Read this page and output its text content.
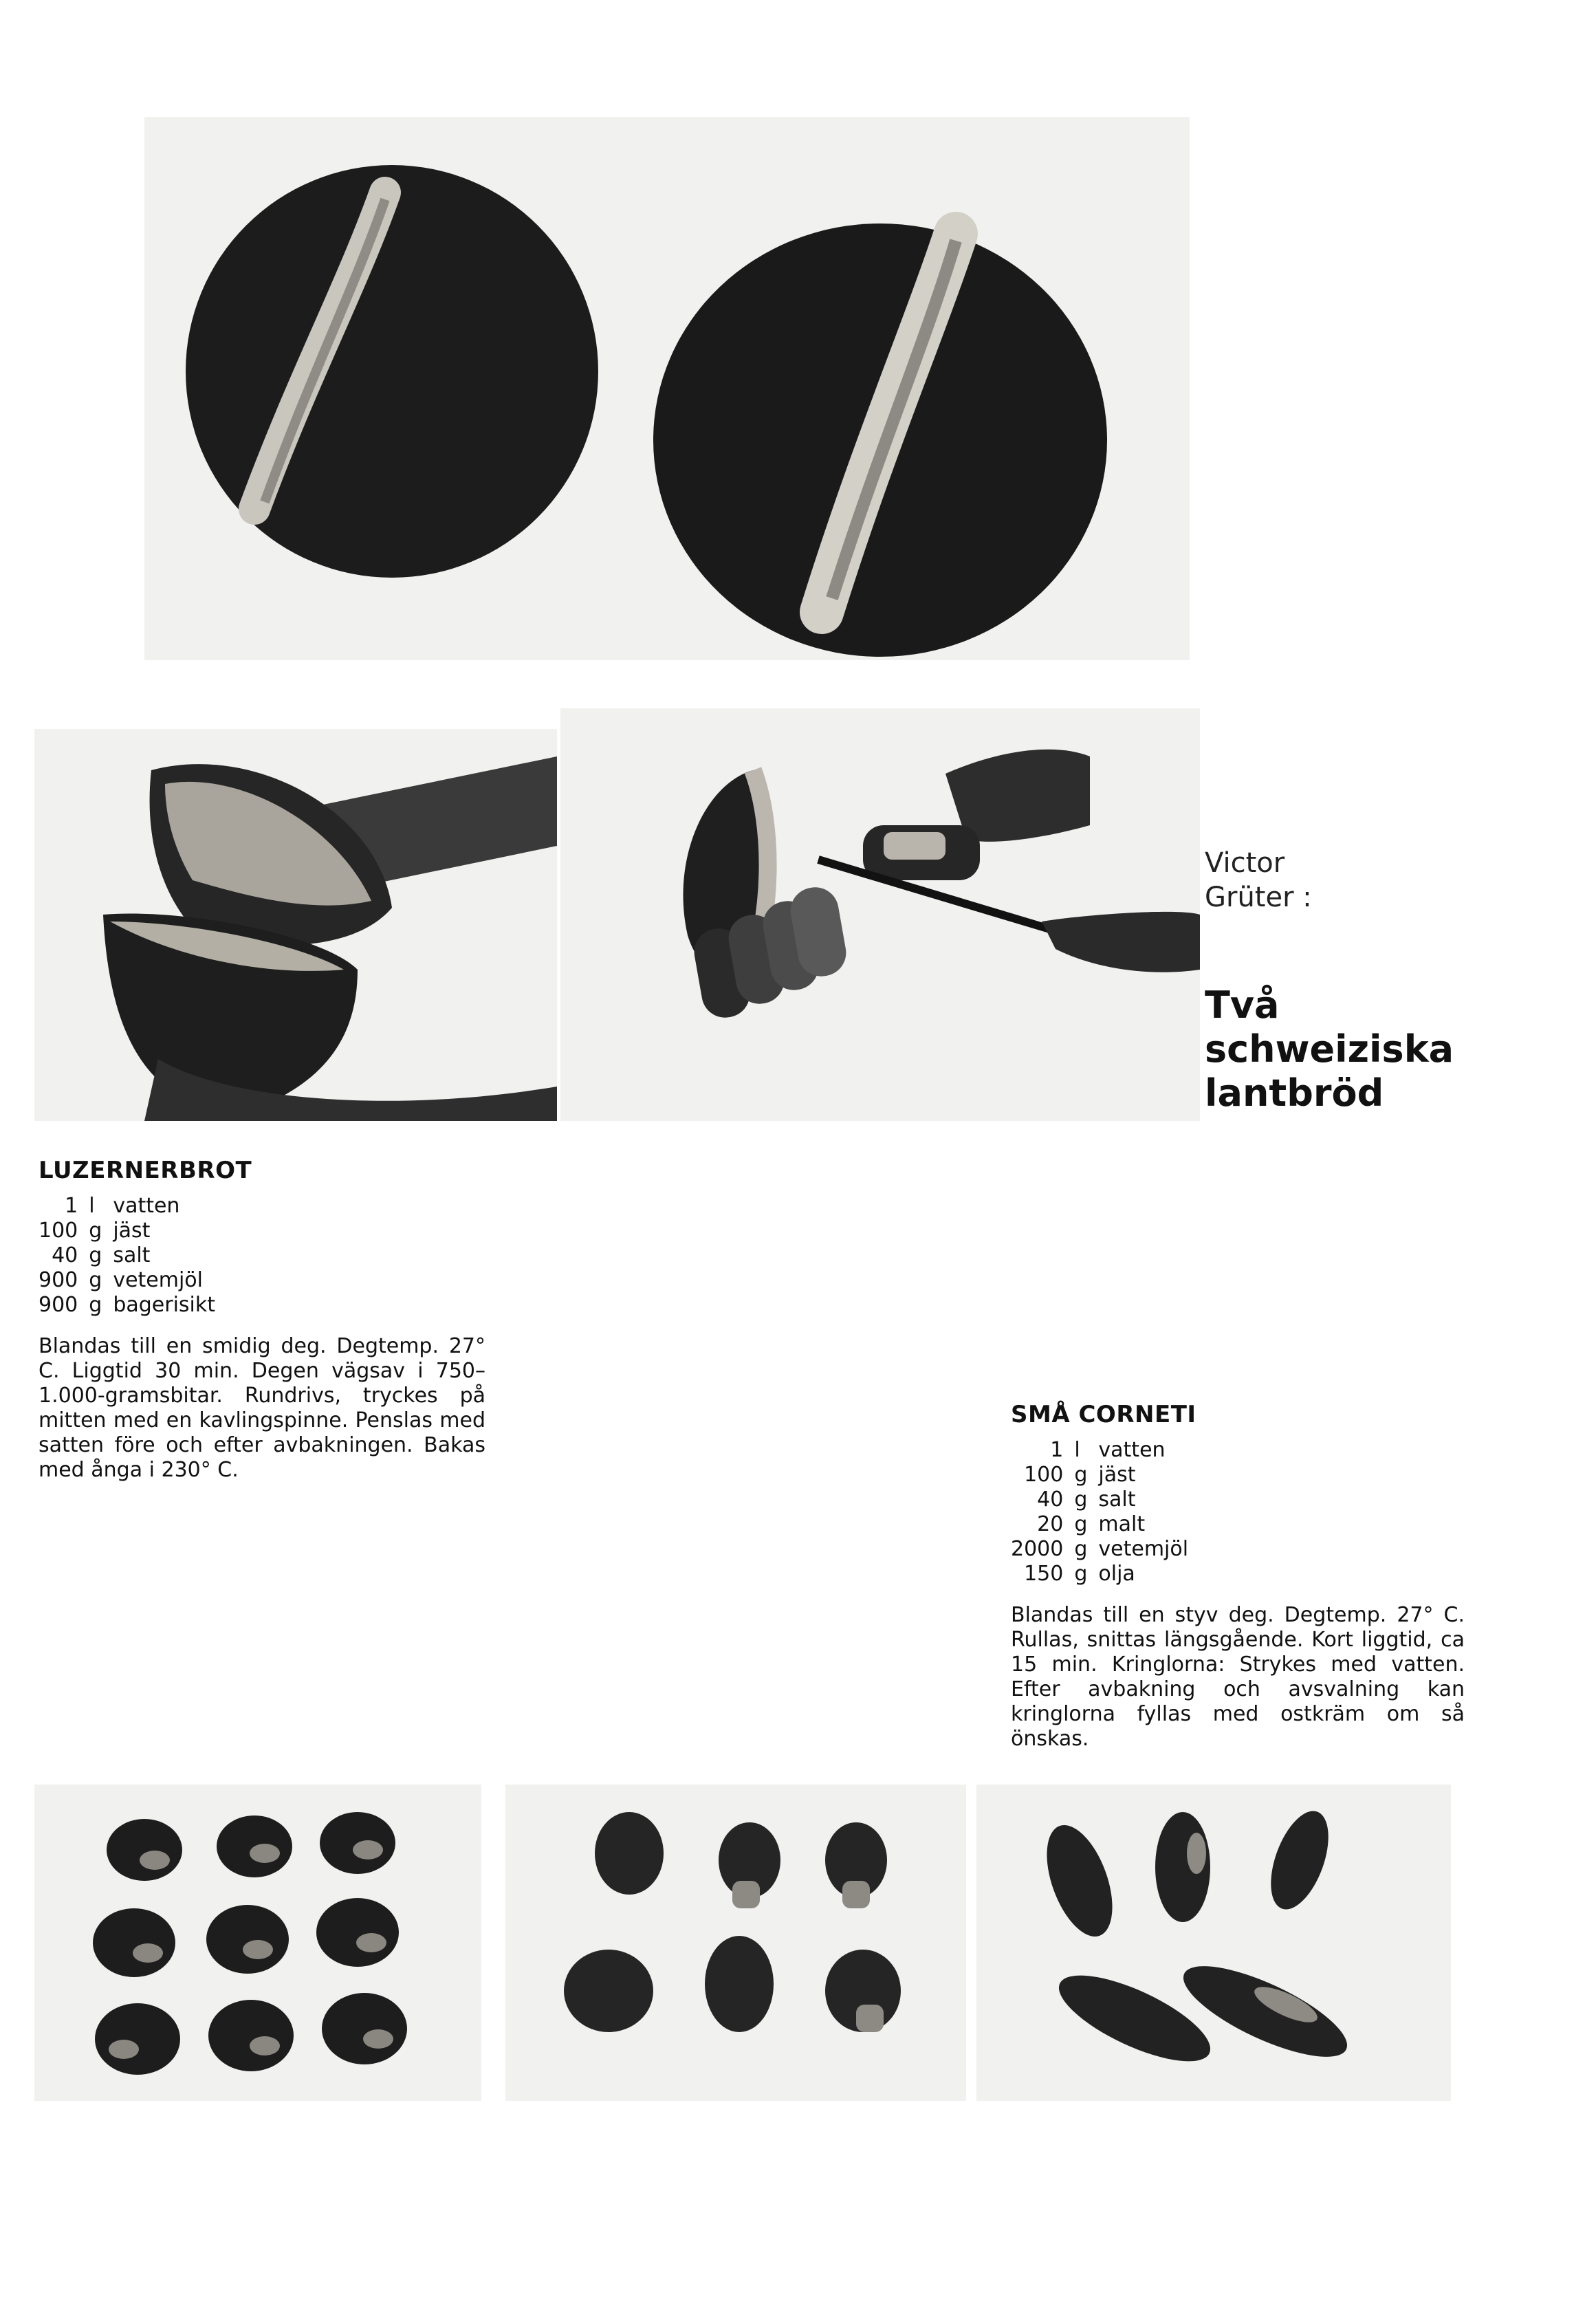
Victor
Grüter :
Två
schweiziska
lantbröd
LUZERNERBROT
1	l	vatten
100	g	jäst
40	g	salt
900	g	vetemjöl
900	g	bagerisikt
Blandas till en smidig deg. Degtemp. 27° C. Liggtid 30 min. Degen vägsav i 750–1.000-gramsbitar. Rundrivs, tryckes på mitten med en kavlingspinne. Penslas med satten före och efter avbakningen. Bakas med ånga i 230° C.
SMÅ CORNETI
1	l	vatten
100	g	jäst
40	g	salt
20	g	malt
2000	g	vetemjöl
150	g	olja
Blandas till en styv deg. Degtemp. 27° C. Rullas, snittas längsgående. Kort liggtid, ca 15 min. Kringlorna: Strykes med vatten. Efter avbakning och avsvalning kan kringlorna fyllas med ostkräm om så önskas.
